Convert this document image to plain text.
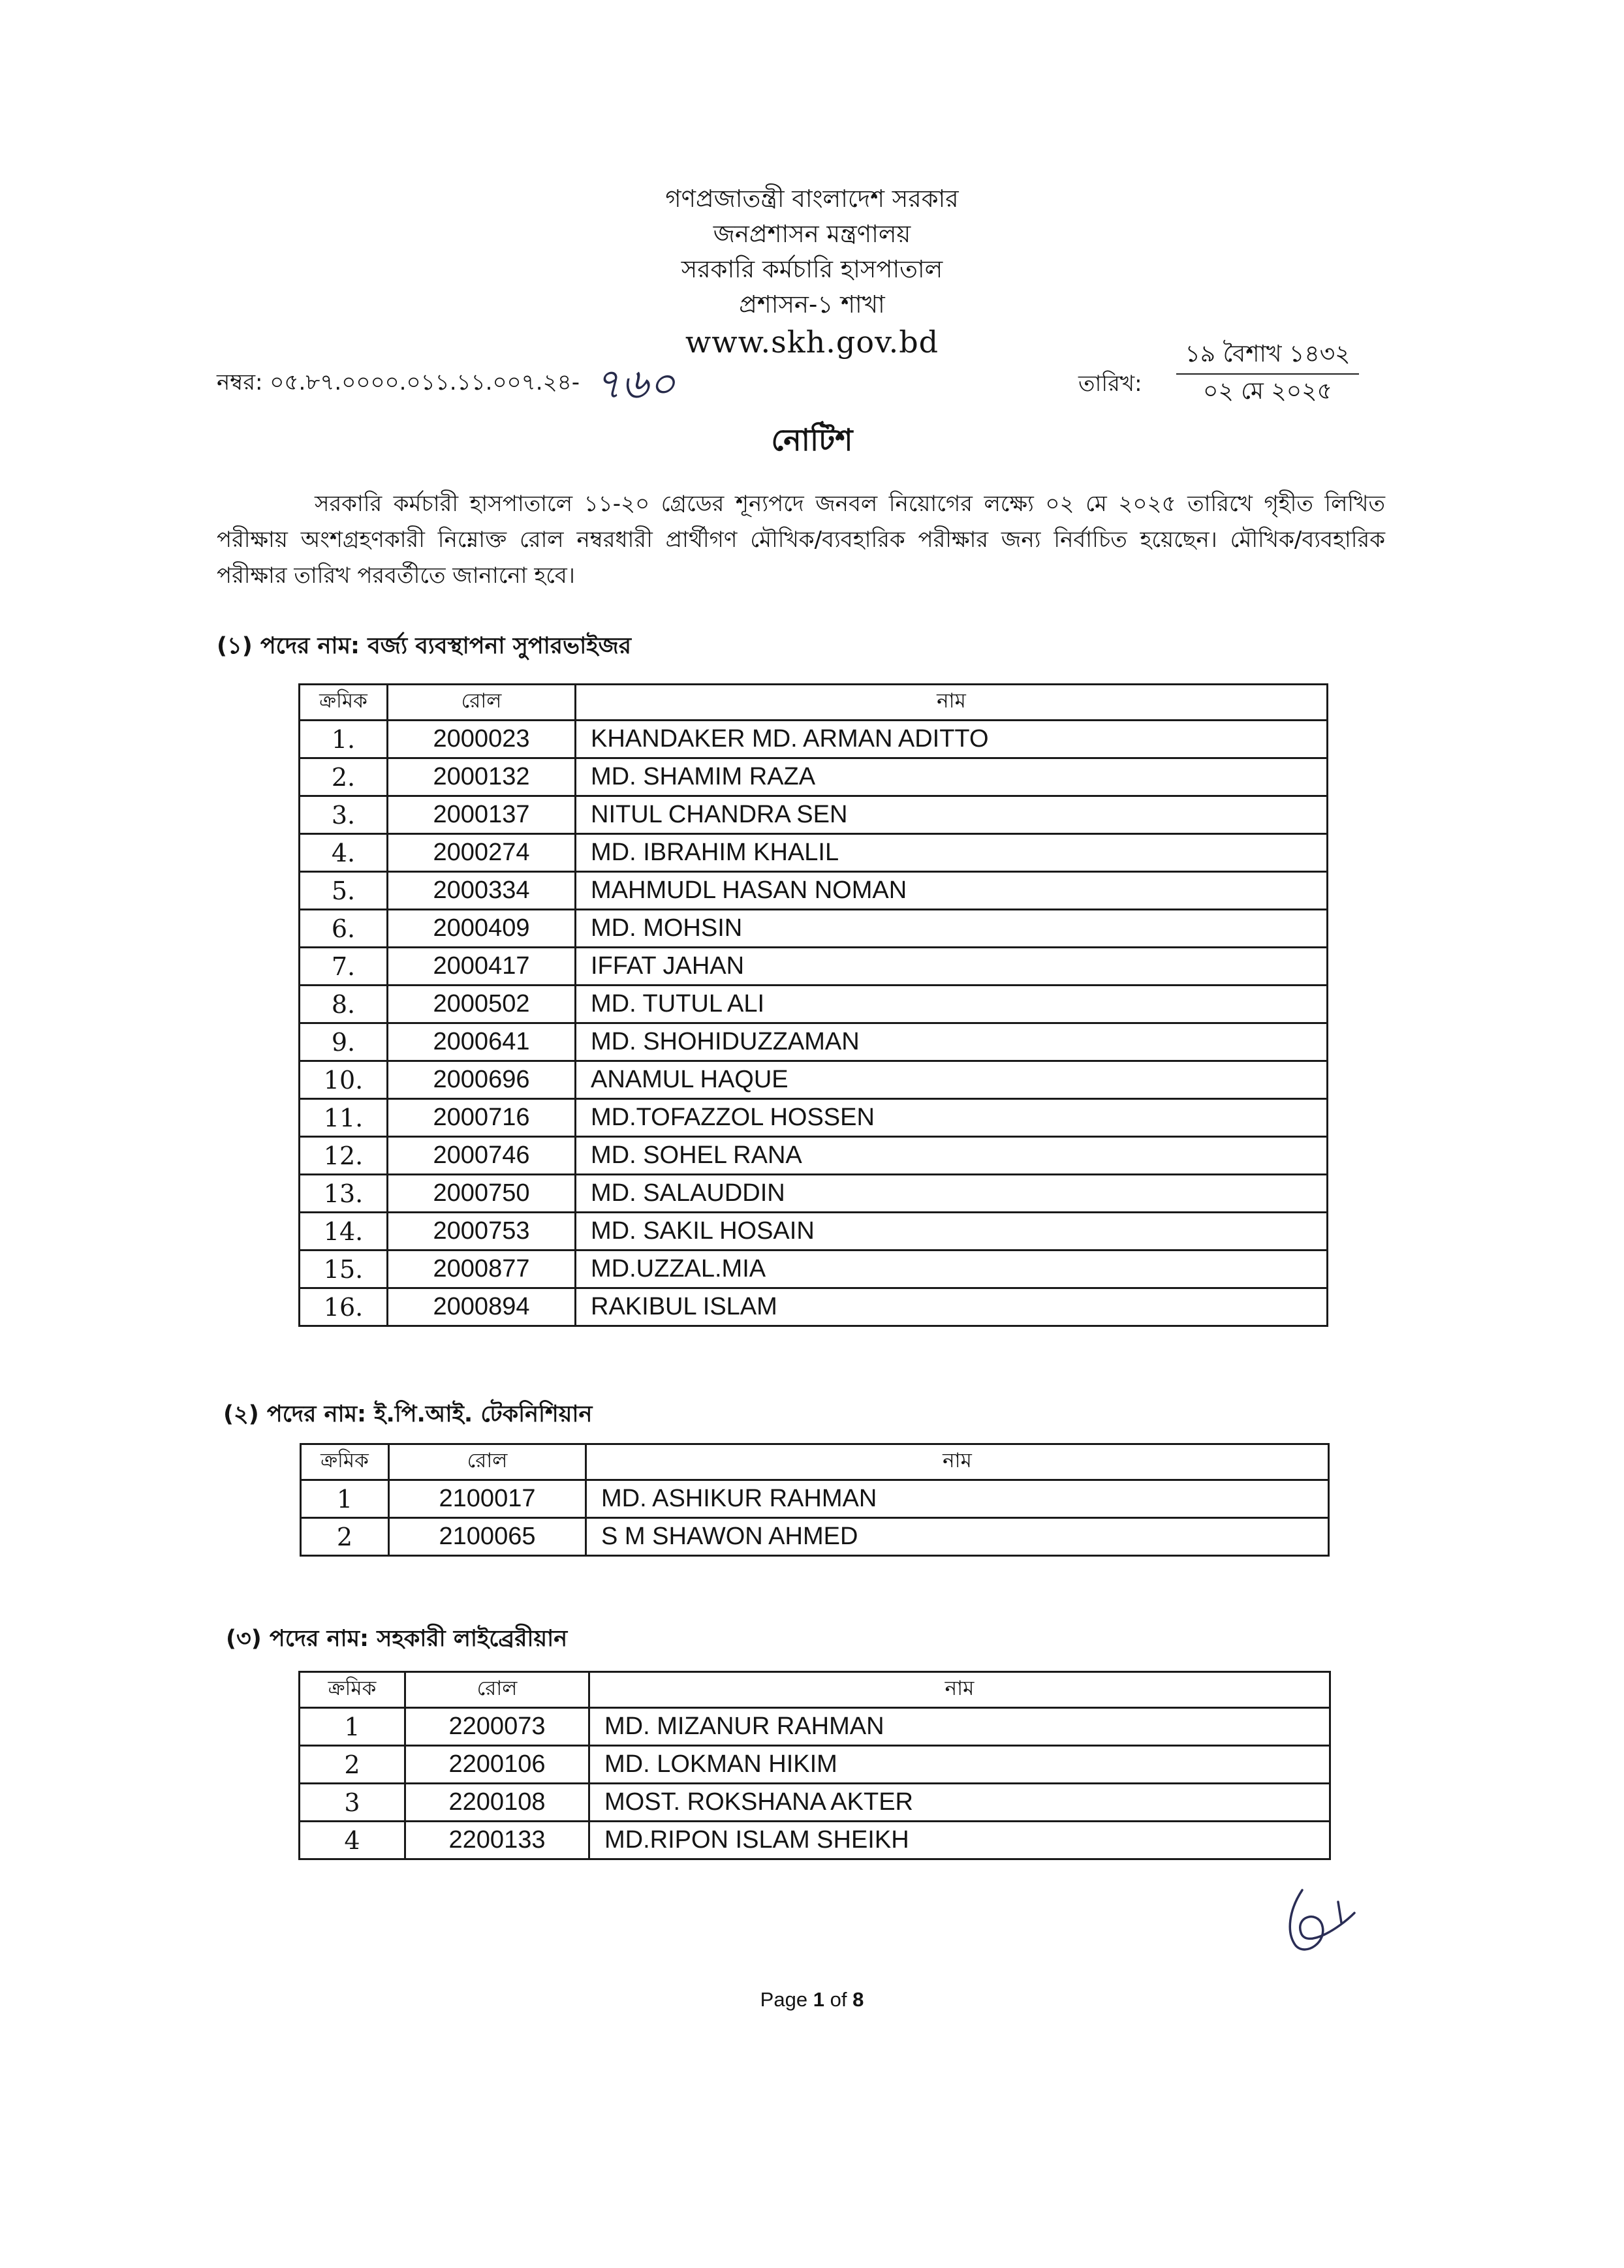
গণপ্রজাতন্ত্রী বাংলাদেশ সরকার

জনপ্রশাসন মন্ত্রণালয়

সরকারি কর্মচারি হাসপাতাল

প্রশাসন-১ শাখা

www.skh.gov.bd
নম্বর: ০৫.৮৭.০০০০.০১১.১১.০০৭.২৪- ৭৬০	তারিখ:
১৯ বৈশাখ ১৪৩২
০২ মে ২০২৫
নোটিশ

সরকারি কর্মচারী হাসপাতালে ১১-২০ গ্রেডের শূন্যপদে জনবল নিয়োগের লক্ষ্যে ০২ মে ২০২৫ তারিখে গৃহীত লিখিত পরীক্ষায় অংশগ্রহণকারী নিম্নোক্ত রোল নম্বরধারী প্রার্থীগণ মৌখিক/ব্যবহারিক পরীক্ষার জন্য নির্বাচিত হয়েছেন। মৌখিক/ব্যবহারিক পরীক্ষার তারিখ পরবর্তীতে জানানো হবে।

(১) পদের নাম: বর্জ্য ব্যবস্থাপনা সুপারভাইজর
ক্রমিক	রোল	নাম
1.	2000023	KHANDAKER MD. ARMAN ADITTO
2.	2000132	MD. SHAMIM RAZA
3.	2000137	NITUL CHANDRA SEN
4.	2000274	MD. IBRAHIM KHALIL
5.	2000334	MAHMUDL HASAN NOMAN
6.	2000409	MD. MOHSIN
7.	2000417	IFFAT JAHAN
8.	2000502	MD. TUTUL ALI
9.	2000641	MD. SHOHIDUZZAMAN
10.	2000696	ANAMUL HAQUE
11.	2000716	MD.TOFAZZOL HOSSEN
12.	2000746	MD. SOHEL RANA
13.	2000750	MD. SALAUDDIN
14.	2000753	MD. SAKIL HOSAIN
15.	2000877	MD.UZZAL.MIA
16.	2000894	RAKIBUL ISLAM
(২) পদের নাম: ই.পি.আই. টেকনিশিয়ান
ক্রমিক	রোল	নাম
1	2100017	MD. ASHIKUR RAHMAN
2	2100065	S M SHAWON AHMED
(৩) পদের নাম: সহকারী লাইব্রেরীয়ান
ক্রমিক	রোল	নাম
1	2200073	MD. MIZANUR RAHMAN
2	2200106	MD. LOKMAN HIKIM
3	2200108	MOST. ROKSHANA AKTER
4	2200133	MD.RIPON ISLAM SHEIKH
Page 1 of 8
